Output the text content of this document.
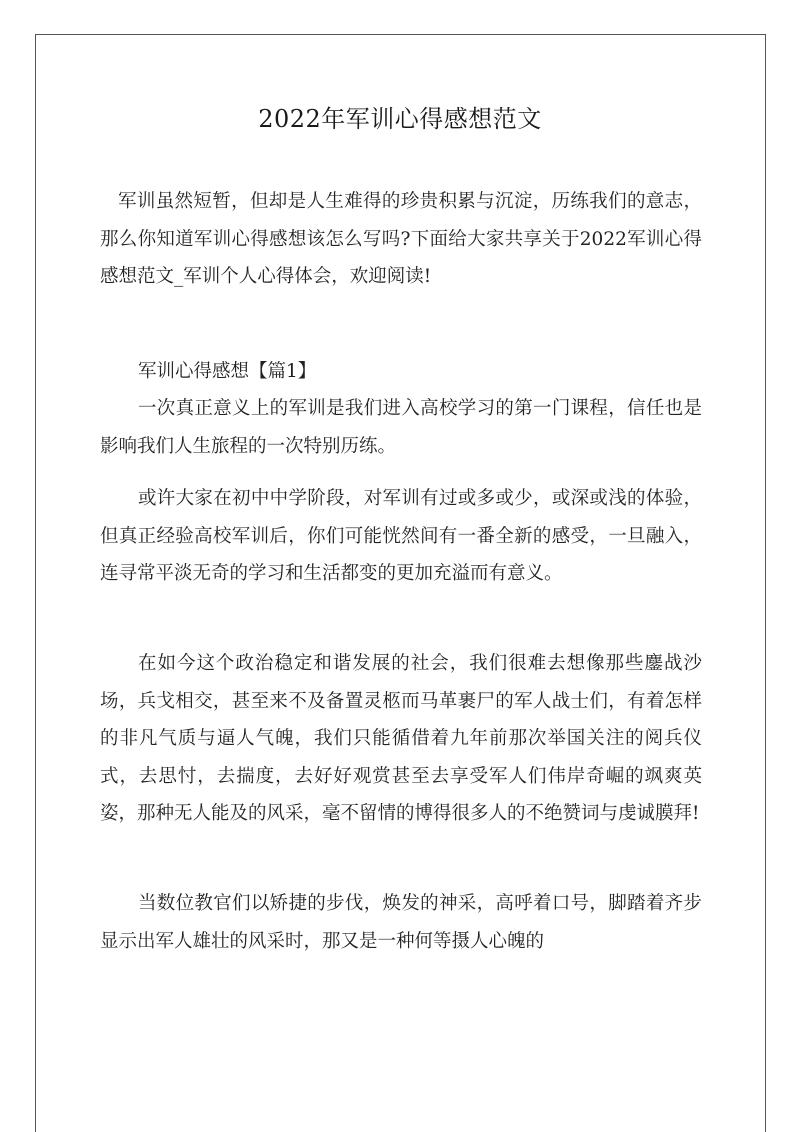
2022年军训心得感想范文
军训虽然短暂，但却是人生难得的珍贵积累与沉淀，历练我们的意志，那么你知道军训心得感想该怎么写吗?下面给大家共享关于2022军训心得感想范文_军训个人心得体会，欢迎阅读!
军训心得感想【篇1】
一次真正意义上的军训是我们进入高校学习的第一门课程，信任也是影响我们人生旅程的一次特别历练。
或许大家在初中中学阶段，对军训有过或多或少，或深或浅的体验，但真正经验高校军训后，你们可能恍然间有一番全新的感受，一旦融入，连寻常平淡无奇的学习和生活都变的更加充溢而有意义。
在如今这个政治稳定和谐发展的社会，我们很难去想像那些鏖战沙场，兵戈相交，甚至来不及备置灵柩而马革裹尸的军人战士们，有着怎样的非凡气质与逼人气魄，我们只能循借着九年前那次举国关注的阅兵仪式，去思忖，去揣度，去好好观赏甚至去享受军人们伟岸奇崛的飒爽英姿，那种无人能及的风采，毫不留情的博得很多人的不绝赞词与虔诚膜拜!
当数位教官们以矫捷的步伐，焕发的神采，高呼着口号，脚踏着齐步显示出军人雄壮的风采时，那又是一种何等摄人心魄的
